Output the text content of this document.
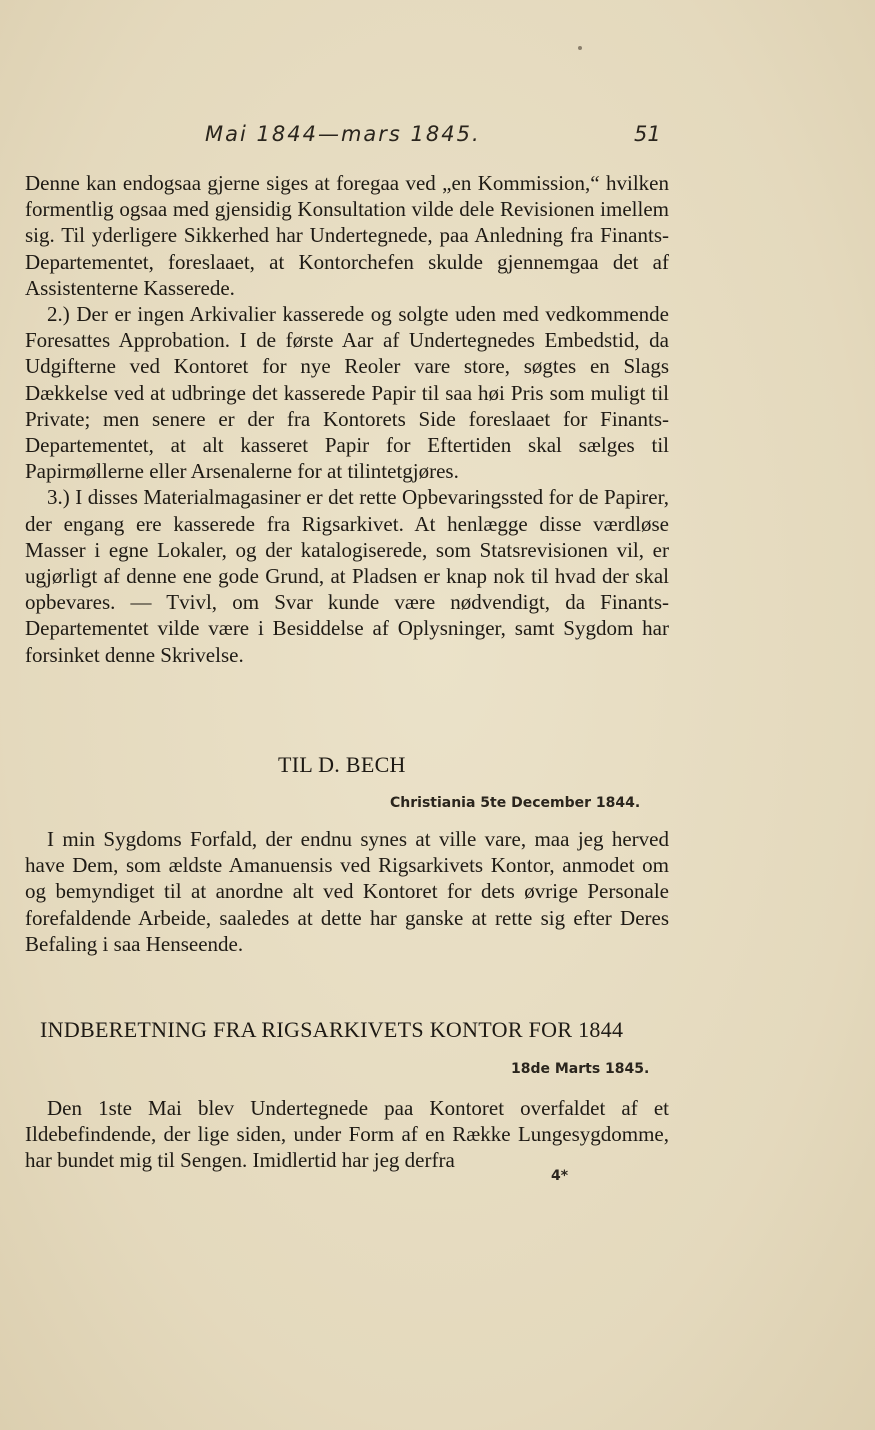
Mai 1844—mars 1845.	51

Denne kan endogsaa gjerne siges at foregaa ved „en Kommission,“ hvilken formentlig ogsaa med gjensidig Konsultation vilde dele Revisionen imellem sig. Til yderligere Sikkerhed har Undertegnede, paa Anledning fra Finants-Departementet, foreslaaet, at Kontorchefen skulde gjennemgaa det af Assistenterne Kasserede.

2.) Der er ingen Arkivalier kasserede og solgte uden med vedkommende Foresattes Approbation. I de første Aar af Undertegnedes Embedstid, da Udgifterne ved Kontoret for nye Reoler vare store, søgtes en Slags Dækkelse ved at udbringe det kasserede Papir til saa høi Pris som muligt til Private; men senere er der fra Kontorets Side foreslaaet for Finants-Departementet, at alt kasseret Papir for Eftertiden skal sælges til Papirmøllerne eller Arsenalerne for at tilintetgjøres.

3.) I disses Materialmagasiner er det rette Opbevaringssted for de Papirer, der engang ere kasserede fra Rigsarkivet. At henlægge disse værdløse Masser i egne Lokaler, og der katalogiserede, som Statsrevisionen vil, er ugjørligt af denne ene gode Grund, at Pladsen er knap nok til hvad der skal opbevares. — Tvivl, om Svar kunde være nødvendigt, da Finants-Departementet vilde være i Besiddelse af Oplysninger, samt Sygdom har forsinket denne Skrivelse.

TIL D. BECH
Christiania 5te December 1844.

I min Sygdoms Forfald, der endnu synes at ville vare, maa jeg herved have Dem, som ældste Amanuensis ved Rigsarkivets Kontor, anmodet om og bemyndiget til at anordne alt ved Kontoret for dets øvrige Personale forefaldende Arbeide, saaledes at dette har ganske at rette sig efter Deres Befaling i saa Henseende.

INDBERETNING FRA RIGSARKIVETS KONTOR FOR 1844
18de Marts 1845.

Den 1ste Mai blev Undertegnede paa Kontoret overfaldet af et Ildebefindende, der lige siden, under Form af en Række Lungesygdomme, har bundet mig til Sengen. Imidlertid har jeg derfra

4*
